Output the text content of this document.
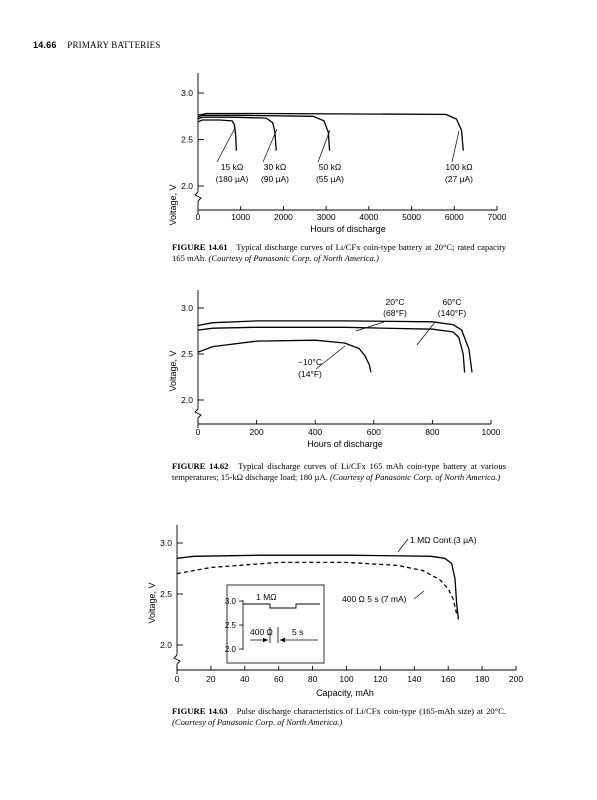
14.66 PRIMARY BATTERIES
0	1000	2000	3000	4000	5000	6000	7000
2.0
2.5
3.0
Voltage, V
Hours of discharge
15 kΩ
(180 µA)
30 kΩ
(90 µA)
50 kΩ
(55 µA)
100 kΩ
(27 µA)
FIGURE 14.61 Typical discharge curves of Li/CFx coin-type battery at 20°C; rated capacity 165 mAh. (Courtesy of Panasonic Corp. of North America.)
0	200	400	600	800	1000
2.0
2.5
3.0
Voltage, V
Hours of discharge
20°C
(68°F)
60°C
(140°F)
−10°C
(14°F)
FIGURE 14.62 Typical discharge curves of Li/CFx 165 mAh coin-type battery at various temperatures; 15-kΩ discharge load; 180 µA. (Courtesy of Panasonic Corp. of North America.)
0	20	40	60	80	100 120 140 160 180 200
2.0
2.5
3.0
Voltage, V
Capacity, mAh
3.0
2.5
2.0
1 MΩ
400 Ω 5 s
1 MΩ Cont.(3 µA)
400 Ω 5 s (7 mA)
FIGURE 14.63 Pulse discharge characteristics of Li/CFx coin-type (165-mAh size) at 20°C. (Courtesy of Panasonic Corp. of North America.)
